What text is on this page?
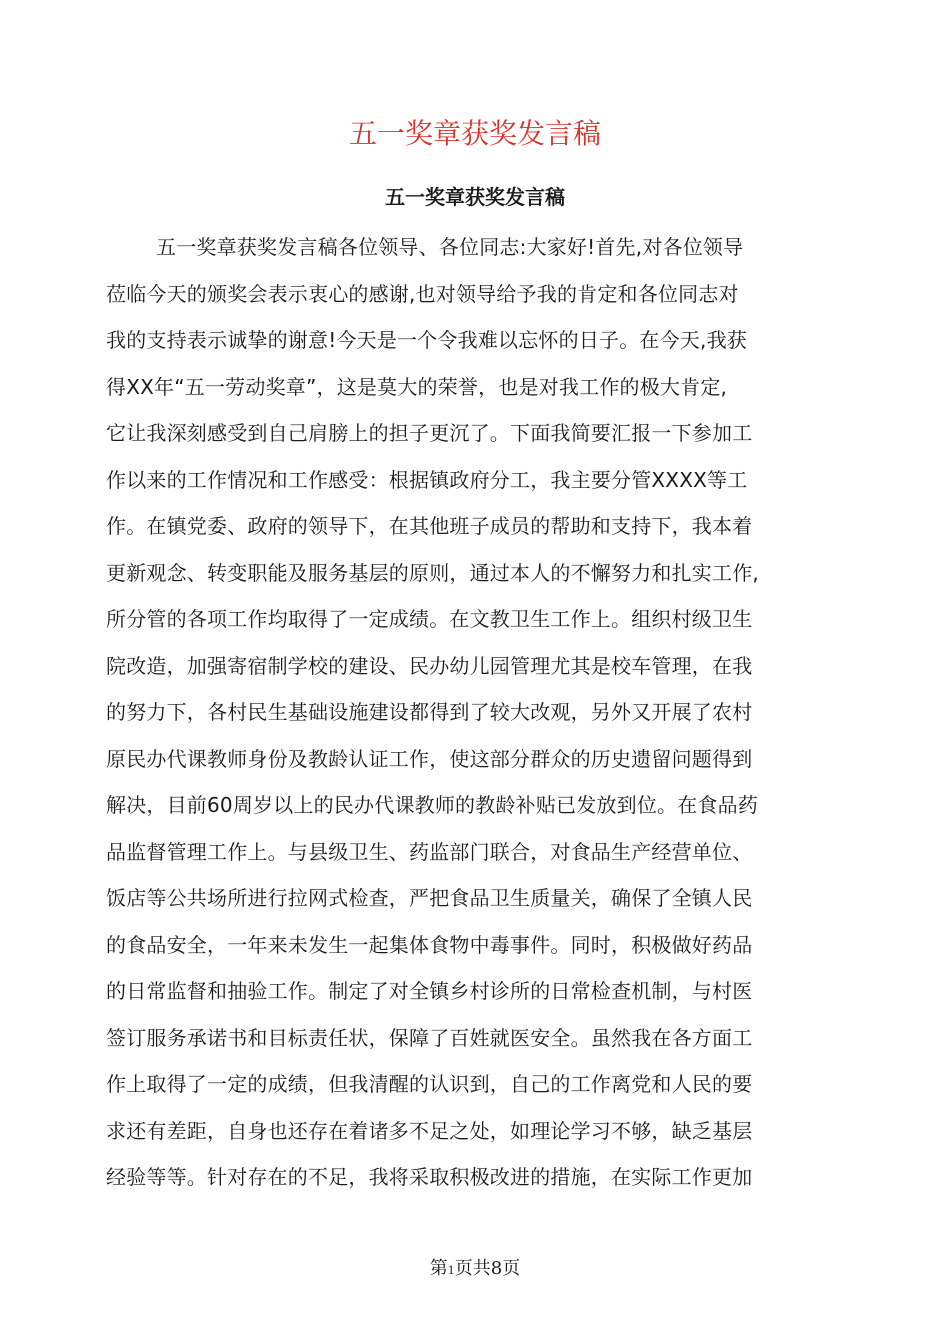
五一奖章获奖发言稿
五一奖章获奖发言稿
五一奖章获奖发言稿各位领导、各位同志:大家好!首先,对各位领导
莅临今天的颁奖会表示衷心的感谢,也对领导给予我的肯定和各位同志对
我的支持表示诚挚的谢意!今天是一个令我难以忘怀的日子。在今天,我获
得XX年“五一劳动奖章”，这是莫大的荣誉，也是对我工作的极大肯定,
它让我深刻感受到自己肩膀上的担子更沉了。下面我简要汇报一下参加工
作以来的工作情况和工作感受：根据镇政府分工，我主要分管XXXX等工
作。在镇党委、政府的领导下，在其他班子成员的帮助和支持下，我本着
更新观念、转变职能及服务基层的原则，通过本人的不懈努力和扎实工作,
所分管的各项工作均取得了一定成绩。在文教卫生工作上。组织村级卫生
院改造，加强寄宿制学校的建设、民办幼儿园管理尤其是校车管理，在我
的努力下，各村民生基础设施建设都得到了较大改观，另外又开展了农村
原民办代课教师身份及教龄认证工作，使这部分群众的历史遗留问题得到
解决，目前60周岁以上的民办代课教师的教龄补贴已发放到位。在食品药
品监督管理工作上。与县级卫生、药监部门联合，对食品生产经营单位、
饭店等公共场所进行拉网式检查，严把食品卫生质量关，确保了全镇人民
的食品安全，一年来未发生一起集体食物中毒事件。同时，积极做好药品
的日常监督和抽验工作。制定了对全镇乡村诊所的日常检查机制，与村医
签订服务承诺书和目标责任状，保障了百姓就医安全。虽然我在各方面工
作上取得了一定的成绩，但我清醒的认识到，自己的工作离党和人民的要
求还有差距，自身也还存在着诸多不足之处，如理论学习不够，缺乏基层
经验等等。针对存在的不足，我将采取积极改进的措施，在实际工作更加
第1页共8页
